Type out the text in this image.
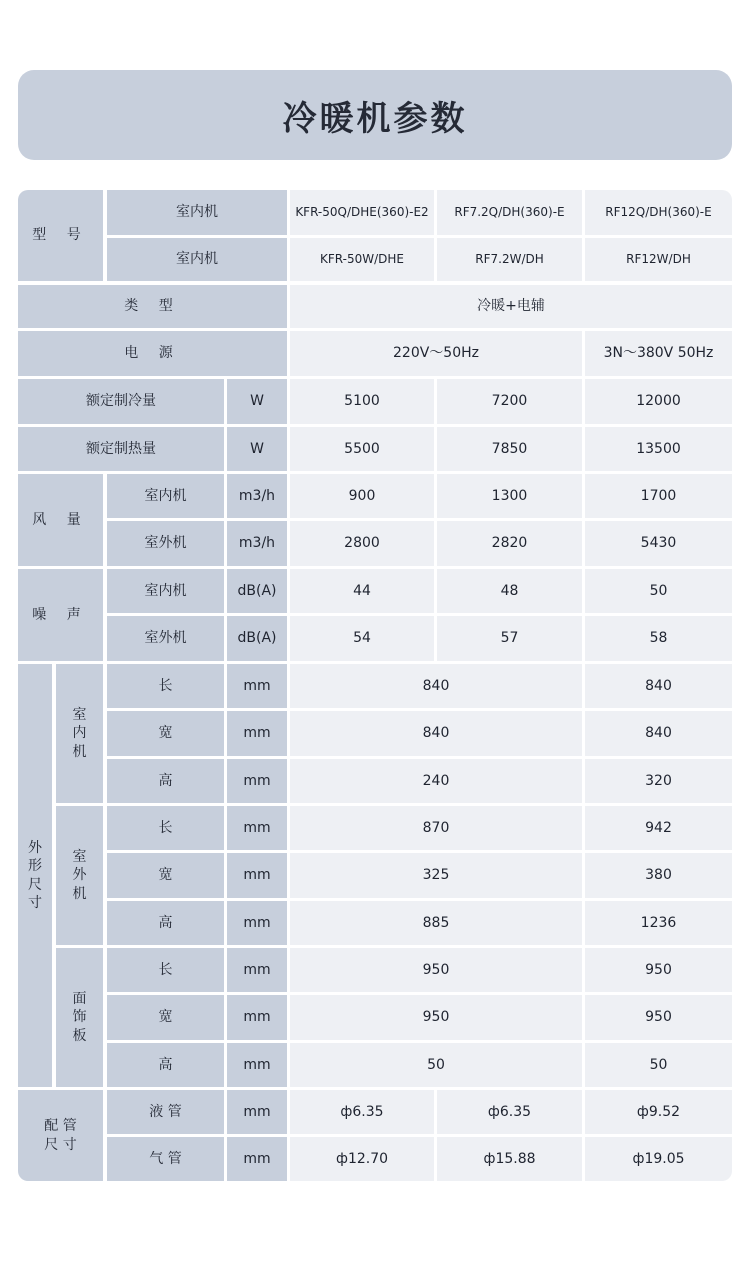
冷暖机参数
型 号
室内机	KFR-50Q/DHE(360)-E2	RF7.2Q/DH(360)-E	RF12Q/DH(360)-E
室内机	KFR-50W/DHE	RF7.2W/DH	RF12W/DH
类 型	冷暖+电辅
电 源	220V～50Hz	3N～380V 50Hz
额定制冷量	W	5100	7200	12000
额定制热量	W	5500	7850	13500
风 量
室内机	m3/h	900	1300	1700
室外机	m3/h	2800	2820	5430
噪 声
室内机	dB(A)	44	48	50
室外机	dB(A)	54	57	58
外
形
尺
寸
室
内
机
长	mm	840	840
宽	mm	840	840
高	mm	240	320
室
外
机
长	mm	870	942
宽	mm	325	380
高	mm	885	1236
面
饰
板
长	mm	950	950
宽	mm	950	950
高	mm	50	50
配 管
尺 寸
液 管	mm	ф6.35	ф6.35	ф9.52
气 管	mm	ф12.70	ф15.88	ф19.05
